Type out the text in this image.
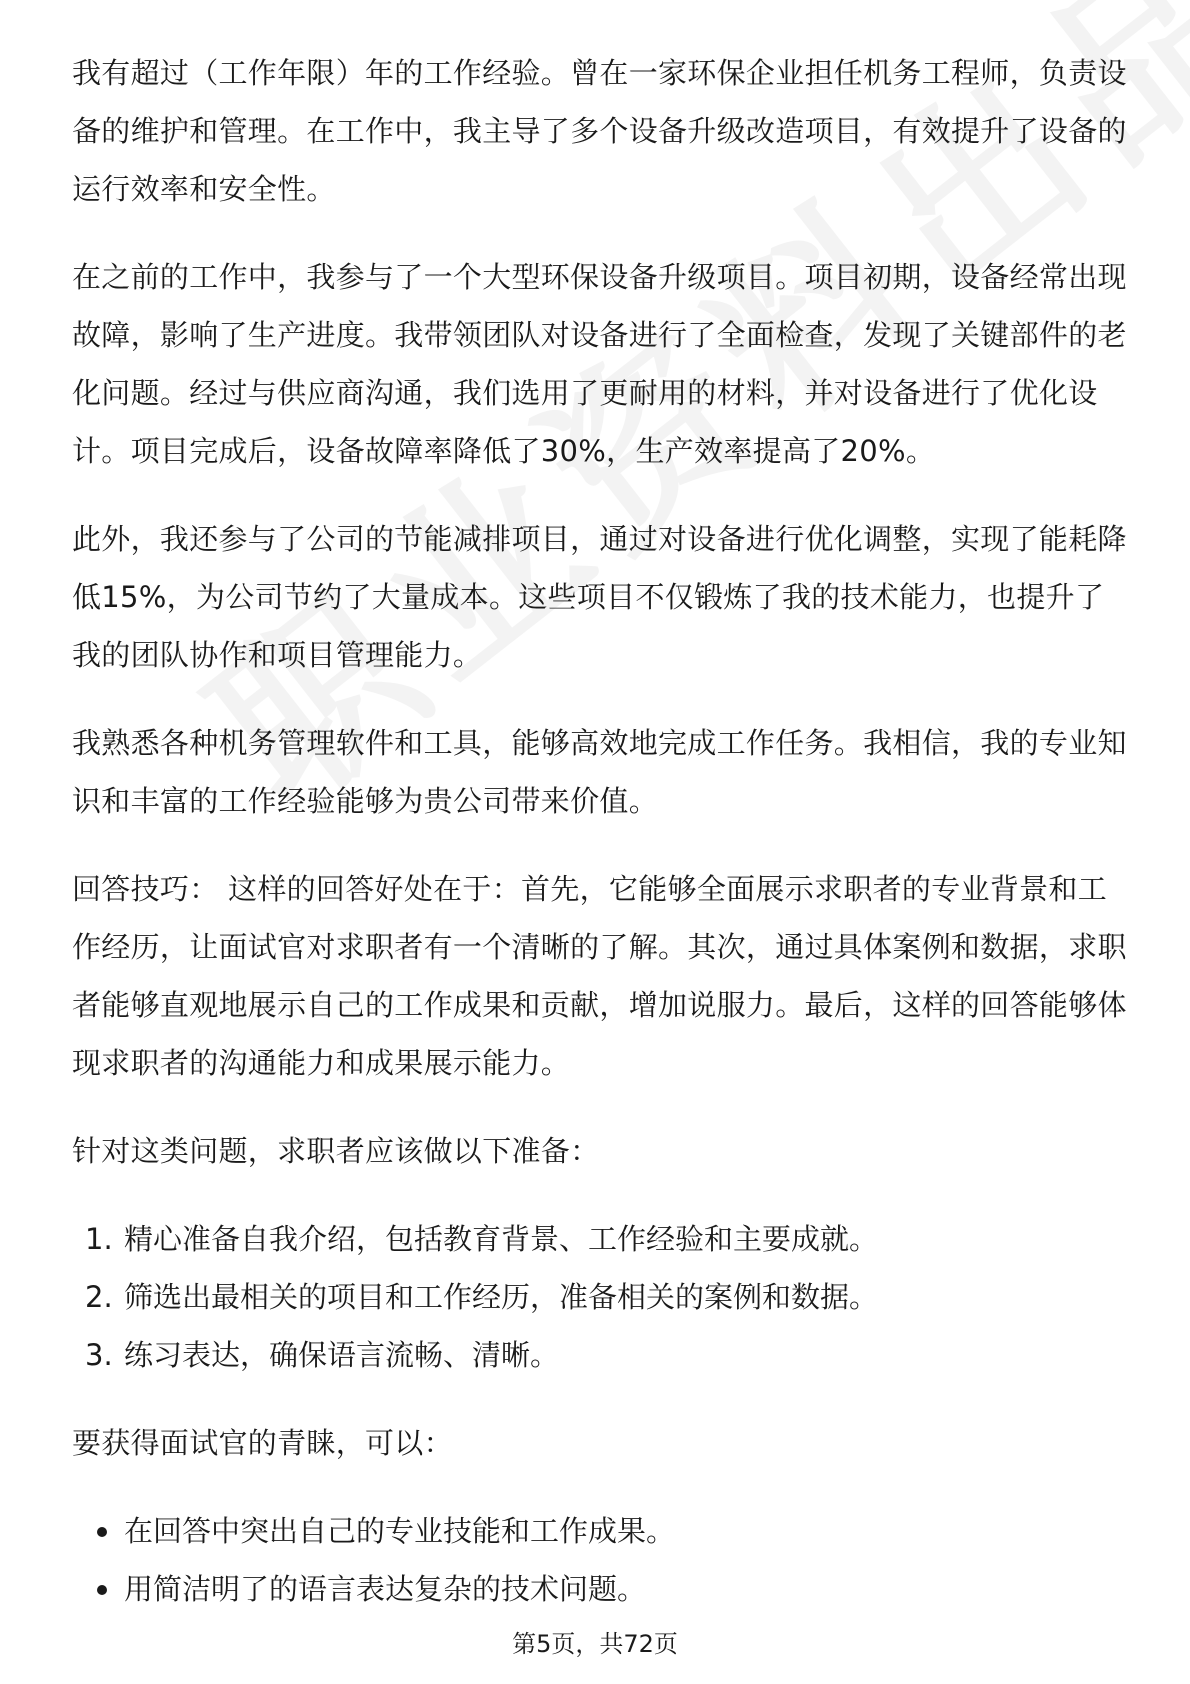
我有超过（工作年限）年的工作经验。曾在一家环保企业担任机务工程师，负责设备的维护和管理。在工作中，我主导了多个设备升级改造项目，有效提升了设备的运行效率和安全性。

在之前的工作中，我参与了一个大型环保设备升级项目。项目初期，设备经常出现故障，影响了生产进度。我带领团队对设备进行了全面检查，发现了关键部件的老化问题。经过与供应商沟通，我们选用了更耐用的材料，并对设备进行了优化设计。项目完成后，设备故障率降低了30%，生产效率提高了20%。

此外，我还参与了公司的节能减排项目，通过对设备进行优化调整，实现了能耗降低15%，为公司节约了大量成本。这些项目不仅锻炼了我的技术能力，也提升了我的团队协作和项目管理能力。

我熟悉各种机务管理软件和工具，能够高效地完成工作任务。我相信，我的专业知识和丰富的工作经验能够为贵公司带来价值。

回答技巧： 这样的回答好处在于：首先，它能够全面展示求职者的专业背景和工作经历，让面试官对求职者有一个清晰的了解。其次，通过具体案例和数据，求职者能够直观地展示自己的工作成果和贡献，增加说服力。最后，这样的回答能够体现求职者的沟通能力和成果展示能力。

针对这类问题，求职者应该做以下准备：

1. 精心准备自我介绍，包括教育背景、工作经验和主要成就。
2. 筛选出最相关的项目和工作经历，准备相关的案例和数据。
3. 练习表达，确保语言流畅、清晰。

要获得面试官的青睐，可以：

在回答中突出自己的专业技能和工作成果。
用简洁明了的语言表达复杂的技术问题。
第5页，共72页
